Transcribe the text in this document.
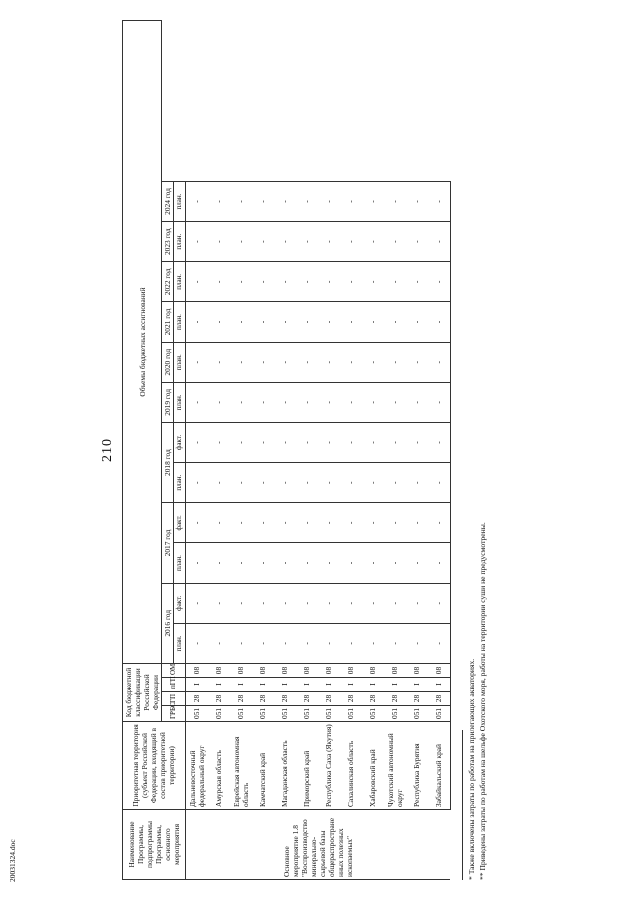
210
Наименование Программы, подпрограммы Программы, основного мероприятия	Приоритетная территория (субъект Российской Федерации, входящий в состав приоритетной территории)	Код бюджетной классификации Российской Федерации				Объемы бюджетных ассигнований											
		ГРБС	ГП	пГП	ОМ	2016 год		2017 год		2018 год		2019 год	2020 год	2021 год	2022 год	2023 год	2024 год
						план.	факт.	план.	факт.	план.	факт.	план.	план.	план.	план.	план.	план.
Основное мероприятие 1.8 "Воспроизводство минерально-сырьевой базы общераспростране нных полезных ископаемых"	Дальневосточный федеральный округ	051	28	I	08	-	-	-	-	-	-	-	-	-	-	-	-
	Амурская область	051	28	I	08	-	-	-	-	-	-	-	-	-	-	-	-
	Еврейская автономная область	051	28	I	08	-	-	-	-	-	-	-	-	-	-	-	-
	Камчатский край	051	28	I	08	-	-	-	-	-	-	-	-	-	-	-	-
	Магаданская область	051	28	I	08	-	-	-	-	-	-	-	-	-	-	-	-
	Приморский край	051	28	I	08	-	-	-	-	-	-	-	-	-	-	-	-
	Республика Саха (Якутия)	051	28	I	08	-	-	-	-	-	-	-	-	-	-	-	-
	Сахалинская область	051	28	I	08	-	-	-	-	-	-	-	-	-	-	-	-
	Хабаровский край	051	28	I	08	-	-	-	-	-	-	-	-	-	-	-	-
	Чукотский автономный округ	051	28	I	08	-	-	-	-	-	-	-	-	-	-	-	-
	Республика Бурятия	051	28	I	08	-	-	-	-	-	-	-	-	-	-	-	-
	Забайкальский край	051	28	I	08	-	-	-	-	-	-	-	-	-	-	-	-
* Также включены затраты по работам на прилегающих акваториях. ** Приведены затраты по работам на шельфе Охотского моря, работы на территории суши не предусмотрены.
20031324.doc
